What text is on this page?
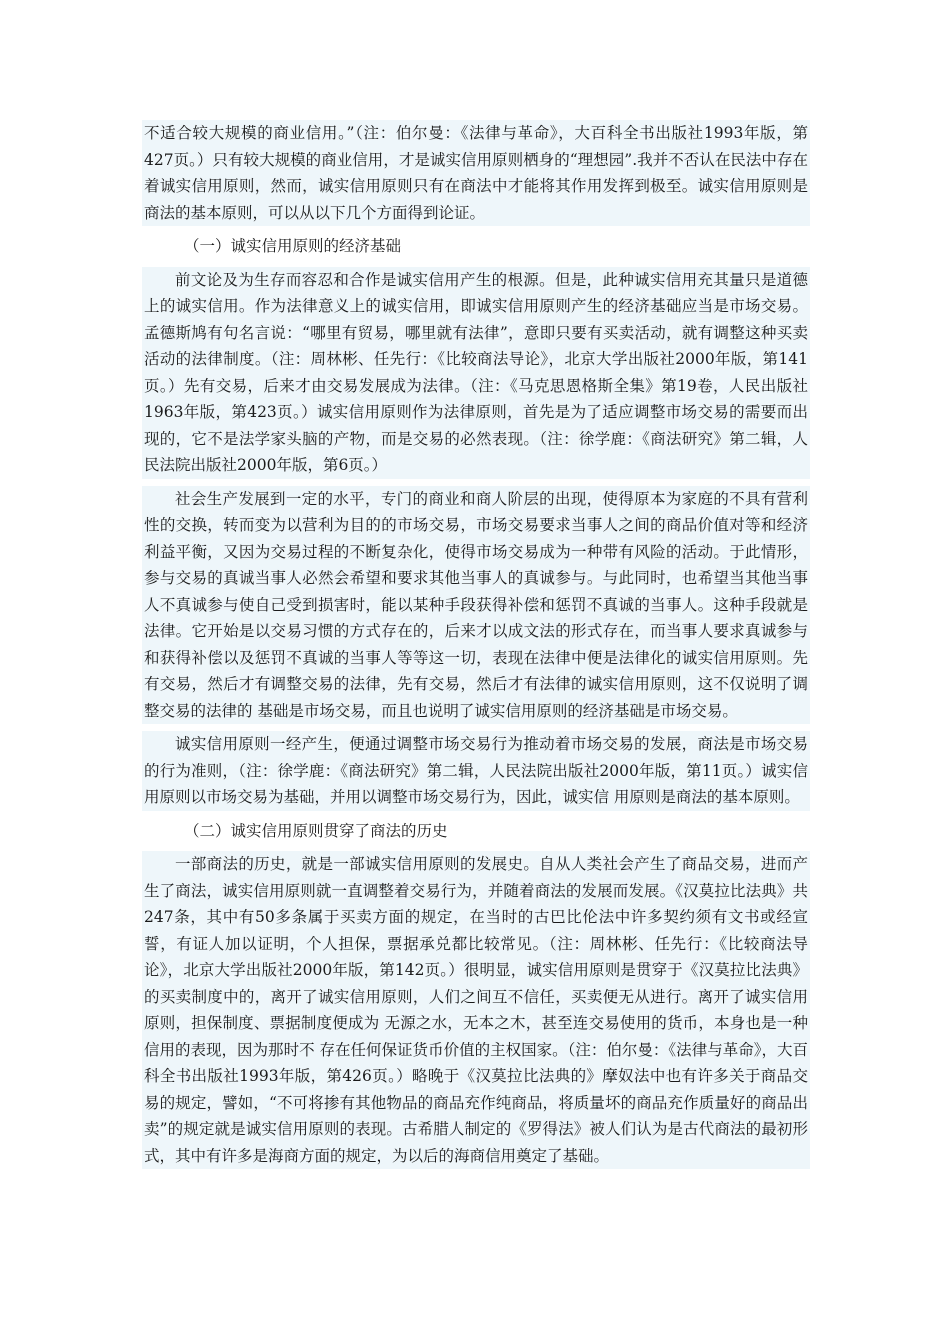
不适合较大规模的商业信用。”（注：伯尔曼：《法律与革命》，大百科全书出版社1993年版，第427页。）只有较大规模的商业信用，才是诚实信用原则栖身的“理想园”.我并不否认在民法中存在着诚实信用原则，然而，诚实信用原则只有在商法中才能将其作用发挥到极至。诚实信用原则是商法的基本原则，可以从以下几个方面得到论证。

（一）诚实信用原则的经济基础

前文论及为生存而容忍和合作是诚实信用产生的根源。但是，此种诚实信用充其量只是道德上的诚实信用。作为法律意义上的诚实信用，即诚实信用原则产生的经济基础应当是市场交易。孟德斯鸠有句名言说：“哪里有贸易，哪里就有法律”，意即只要有买卖活动，就有调整这种买卖活动的法律制度。（注：周林彬、任先行：《比较商法导论》，北京大学出版社2000年版，第141页。）先有交易，后来才由交易发展成为法律。（注：《马克思恩格斯全集》第19卷，人民出版社1963年版，第423页。）诚实信用原则作为法律原则，首先是为了适应调整市场交易的需要而出现的，它不是法学家头脑的产物，而是交易的必然表现。（注：徐学鹿：《商法研究》第二辑，人民法院出版社2000年版，第6页。）

社会生产发展到一定的水平，专门的商业和商人阶层的出现，使得原本为家庭的不具有营利性的交换，转而变为以营利为目的的市场交易，市场交易要求当事人之间的商品价值对等和经济利益平衡，又因为交易过程的不断复杂化，使得市场交易成为一种带有风险的活动。于此情形，参与交易的真诚当事人必然会希望和要求其他当事人的真诚参与。与此同时，也希望当其他当事人不真诚参与使自己受到损害时，能以某种手段获得补偿和惩罚不真诚的当事人。这种手段就是法律。它开始是以交易习惯的方式存在的，后来才以成文法的形式存在，而当事人要求真诚参与和获得补偿以及惩罚不真诚的当事人等等这一切，表现在法律中便是法律化的诚实信用原则。先有交易，然后才有调整交易的法律，先有交易，然后才有法律的诚实信用原则，这不仅说明了调整交易的法律的 基础是市场交易，而且也说明了诚实信用原则的经济基础是市场交易。

诚实信用原则一经产生，便通过调整市场交易行为推动着市场交易的发展，商法是市场交易的行为准则，（注：徐学鹿：《商法研究》第二辑，人民法院出版社2000年版，第11页。）诚实信用原则以市场交易为基础，并用以调整市场交易行为，因此，诚实信 用原则是商法的基本原则。

（二）诚实信用原则贯穿了商法的历史

一部商法的历史，就是一部诚实信用原则的发展史。自从人类社会产生了商品交易，进而产生了商法，诚实信用原则就一直调整着交易行为，并随着商法的发展而发展。《汉莫拉比法典》共247条，其中有50多条属于买卖方面的规定，在当时的古巴比伦法中许多契约须有文书或经宣誓，有证人加以证明，个人担保，票据承兑都比较常见。（注：周林彬、任先行：《比较商法导论》，北京大学出版社2000年版，第142页。）很明显，诚实信用原则是贯穿于《汉莫拉比法典》的买卖制度中的，离开了诚实信用原则，人们之间互不信任，买卖便无从进行。离开了诚实信用原则，担保制度、票据制度便成为 无源之水，无本之木，甚至连交易使用的货币，本身也是一种信用的表现，因为那时不 存在任何保证货币价值的主权国家。（注：伯尔曼：《法律与革命》，大百科全书出版社1993年版，第426页。）略晚于《汉莫拉比法典的》摩奴法中也有许多关于商品交易的规定，譬如，“不可将掺有其他物品的商品充作纯商品，将质量坏的商品充作质量好的商品出卖”的规定就是诚实信用原则的表现。古希腊人制定的《罗得法》被人们认为是古代商法的最初形式，其中有许多是海商方面的规定，为以后的海商信用奠定了基础。
